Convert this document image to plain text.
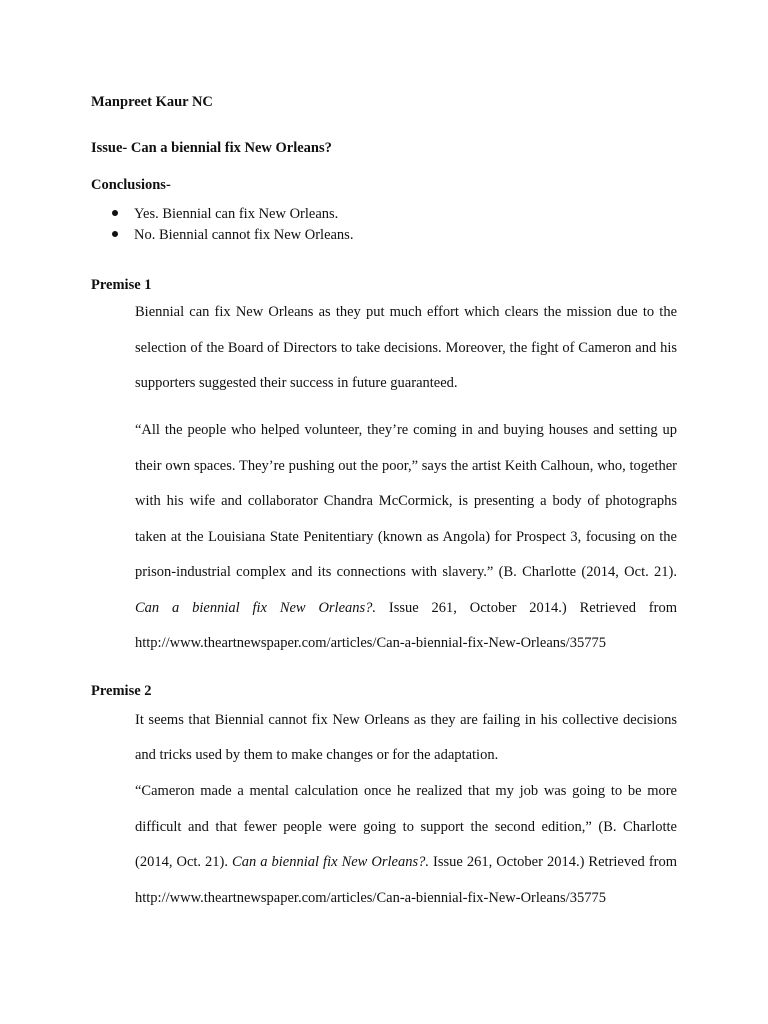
Manpreet Kaur NC
Issue- Can a biennial fix New Orleans?
Conclusions-
Yes. Biennial can fix New Orleans.
No. Biennial cannot fix New Orleans.
Premise 1
Biennial can fix New Orleans as they put much effort which clears the mission due to the selection of the Board of Directors to take decisions. Moreover, the fight of Cameron and his supporters suggested their success in future guaranteed.
“All the people who helped volunteer, they’re coming in and buying houses and setting up their own spaces. They’re pushing out the poor,” says the artist Keith Calhoun, who, together with his wife and collaborator Chandra McCormick, is presenting a body of photographs taken at the Louisiana State Penitentiary (known as Angola) for Prospect 3, focusing on the prison-industrial complex and its connections with slavery.” (B. Charlotte (2014, Oct. 21). Can a biennial fix New Orleans?. Issue 261, October 2014.) Retrieved from http://www.theartnewspaper.com/articles/Can-a-biennial-fix-New-Orleans/35775
Premise 2
It seems that Biennial cannot fix New Orleans as they are failing in his collective decisions and tricks used by them to make changes or for the adaptation.
“Cameron made a mental calculation once he realized that my job was going to be more difficult and that fewer people were going to support the second edition,” (B. Charlotte (2014, Oct. 21). Can a biennial fix New Orleans?. Issue 261, October 2014.) Retrieved from http://www.theartnewspaper.com/articles/Can-a-biennial-fix-New-Orleans/35775
